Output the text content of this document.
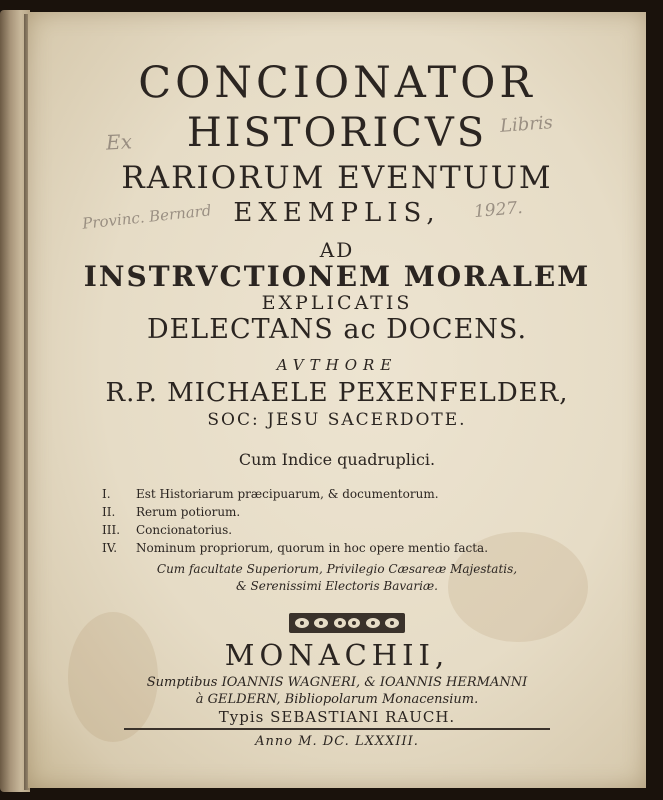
CONCIONATOR
HISTORICVS
RARIORUM EVENTUUM
EXEMPLIS,
AD
INSTRVCTIONEM MORALEM
EXPLICATIS
DELECTANS ac DOCENS.
AVTHORE
R.P. MICHAELE PEXENFELDER,
SOC: JESU SACERDOTE.
Cum Indice quadruplici.
I.	Est Historiarum præcipuarum, & documentorum.
II.	Rerum potiorum.
III.	Concionatorius.
IV.	Nominum propriorum, quorum in hoc opere mentio facta.
Cum facultate Superiorum, Privilegio Cæsareæ Majestatis,
& Serenissimi Electoris Bavariæ.
MONACHII,
Sumptibus IOANNIS WAGNERI, & IOANNIS HERMANNI
à GELDERN, Bibliopolarum Monacensium.
Typis SEBASTIANI RAUCH.
Anno M. DC. LXXXIII.
Ex
Libris
Provinc. Bernard	1927.
